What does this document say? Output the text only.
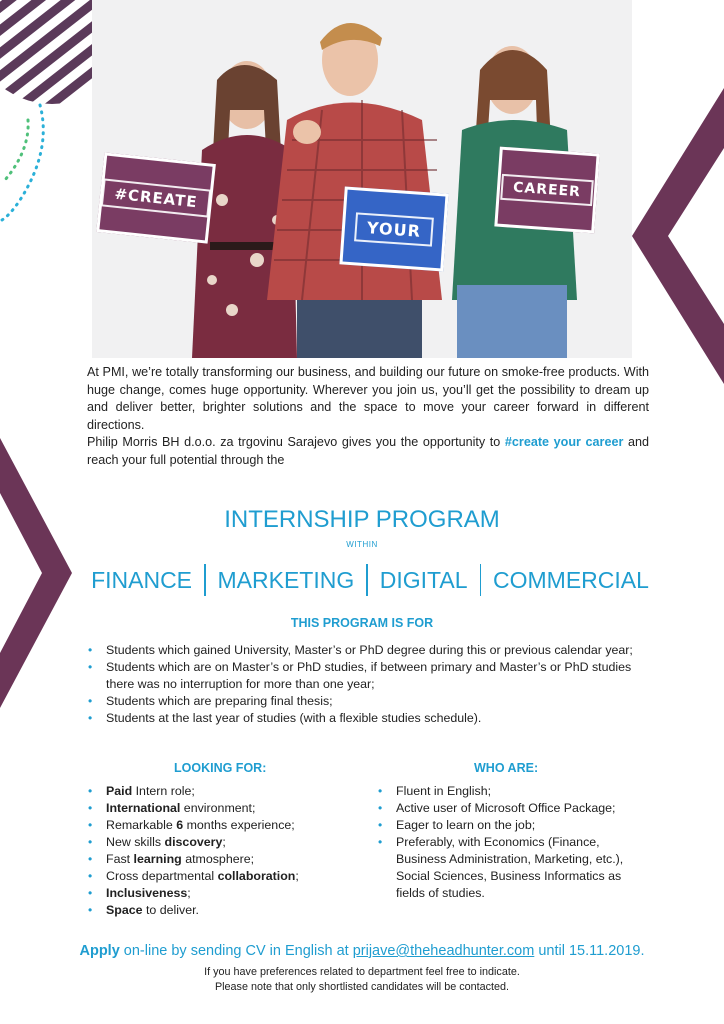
#CREATE
YOUR
CAREER

At PMI, we’re totally transforming our business, and building our future on smoke-free products. With huge change, comes huge opportunity. Wherever you join us, you’ll get the possibility to dream up and deliver better, brighter solutions and the space to move your career forward in different directions.

Philip Morris BH d.o.o. za trgovinu Sarajevo gives you the opportunity to #create your career and reach your full potential through the

INTERNSHIP PROGRAM
WITHIN
FINANCE MARKETING DIGITAL COMMERCIAL
THIS PROGRAM IS FOR
• Students which gained University, Master’s or PhD degree during this or previous calendar year;
• Students which are on Master’s or PhD studies, if between primary and Master’s or PhD studies there was no interruption for more than one year;
• Students which are preparing final thesis;
• Students at the last year of studies (with a flexible studies schedule).
LOOKING FOR:
• Paid Intern role;
• International environment;
• Remarkable 6 months experience;
• New skills discovery;
• Fast learning atmosphere;
• Cross departmental collaboration;
• Inclusiveness;
• Space to deliver.
WHO ARE:
• Fluent in English;
• Active user of Microsoft Office Package;
• Eager to learn on the job;
• Preferably, with Economics (Finance, Business Administration, Marketing, etc.), Social Sciences, Business Informatics as fields of studies.
Apply on-line by sending CV in English at prijave@theheadhunter.com until 15.11.2019.
If you have preferences related to department feel free to indicate.
Please note that only shortlisted candidates will be contacted.
